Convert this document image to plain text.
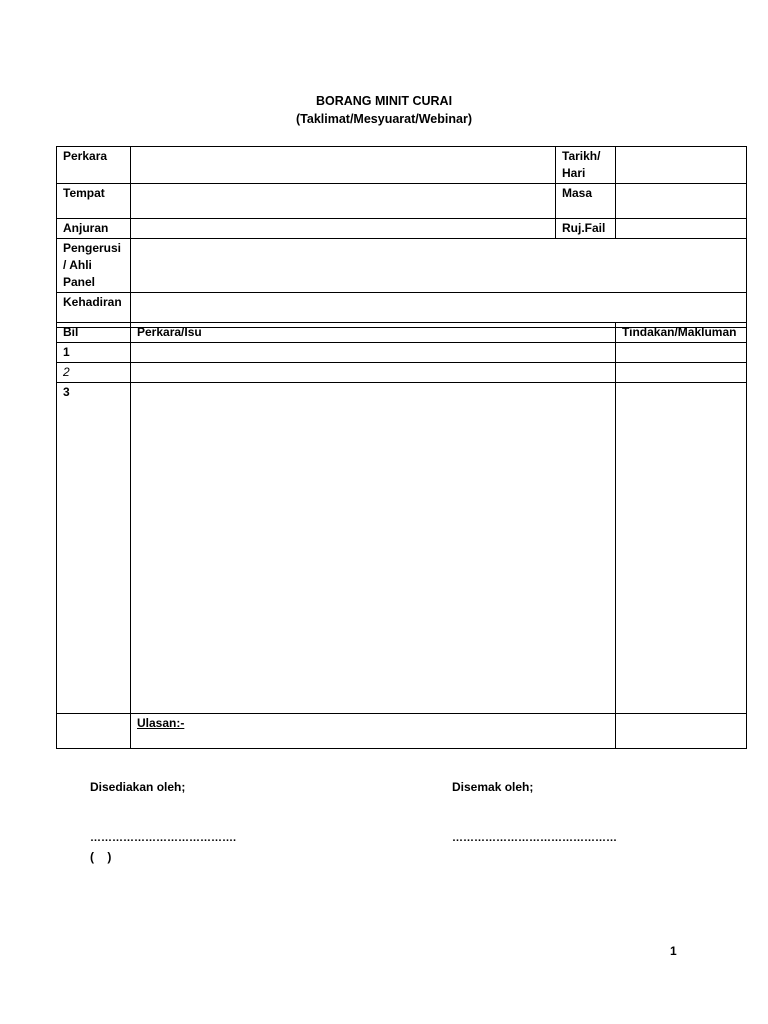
BORANG MINIT CURAI
(Taklimat/Mesyuarat/Webinar)
Perkara		Tarikh/ Hari	
Tempat		Masa	
Anjuran		Ruj.Fail	
Pengerusi / Ahli Panel			
Kehadiran			
Bil	Perkara/Isu	Tindakan/Makluman
1		
2		
3		
	Ulasan:-	
Disediakan oleh;	Disemak oleh;
………………………………….	………………………………………
(    )
1
